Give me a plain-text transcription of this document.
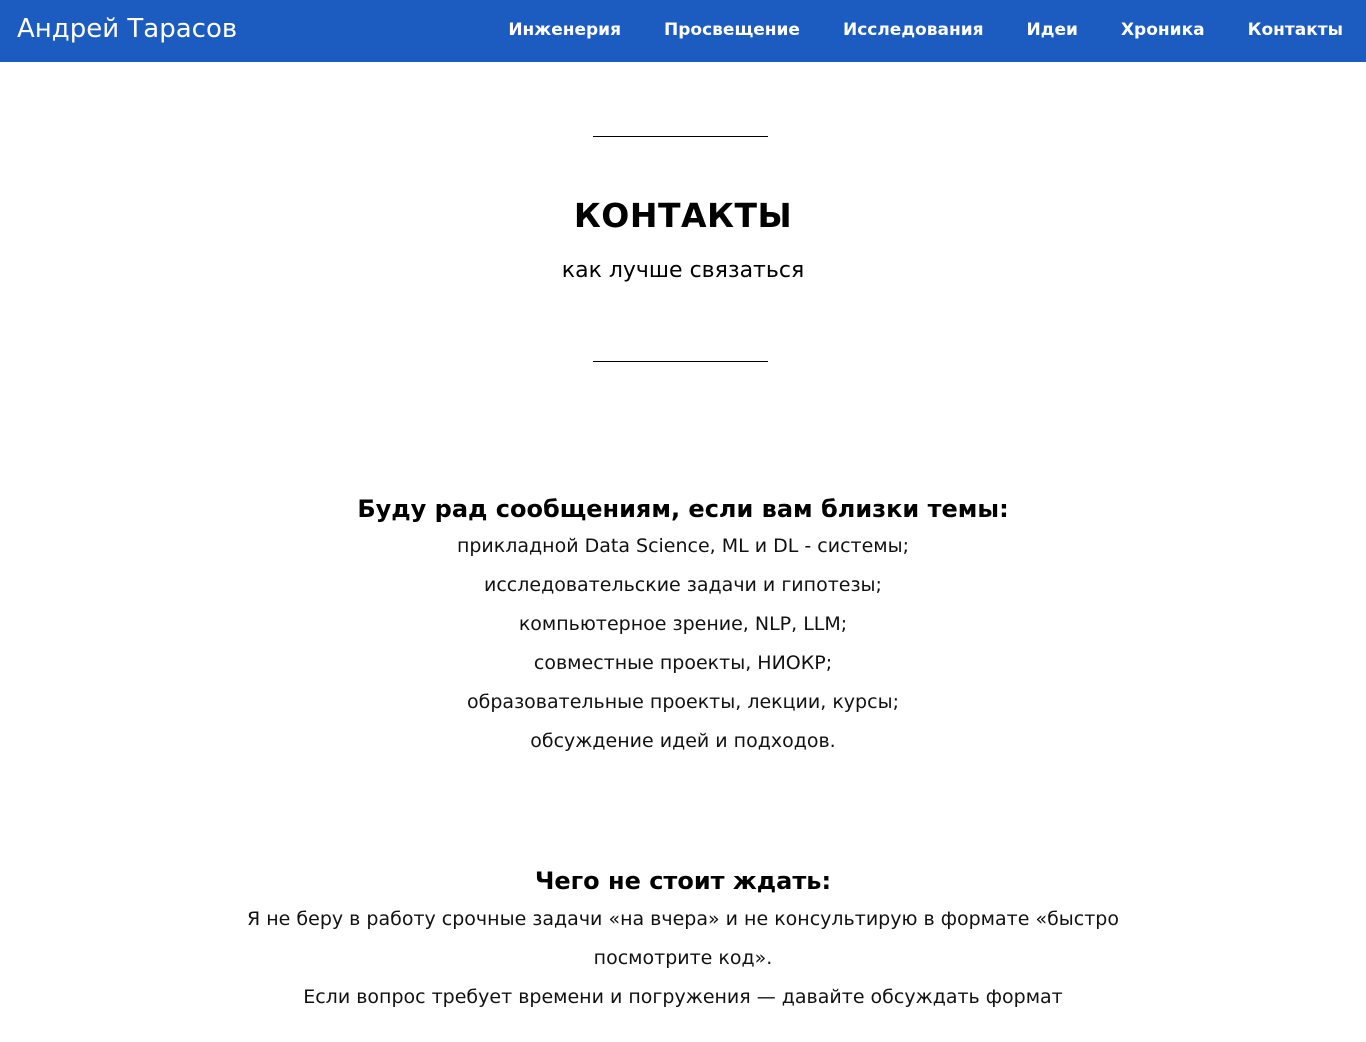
Андрей Тарасов	Инженерия	Просвещение	Исследования	Идеи	Хроника	Контакты
КОНТАКТЫ
как лучше связаться
Буду рад сообщениям, если вам близки темы:
прикладной Data Science, ML и DL - системы;
исследовательские задачи и гипотезы;
компьютерное зрение, NLP, LLM;
совместные проекты, НИОКР;
образовательные проекты, лекции, курсы;
обсуждение идей и подходов.
Чего не стоит ждать:
Я не беру в работу срочные задачи «на вчера» и не консультирую в формате «быстро
посмотрите код».
Если вопрос требует времени и погружения — давайте обсуждать формат
